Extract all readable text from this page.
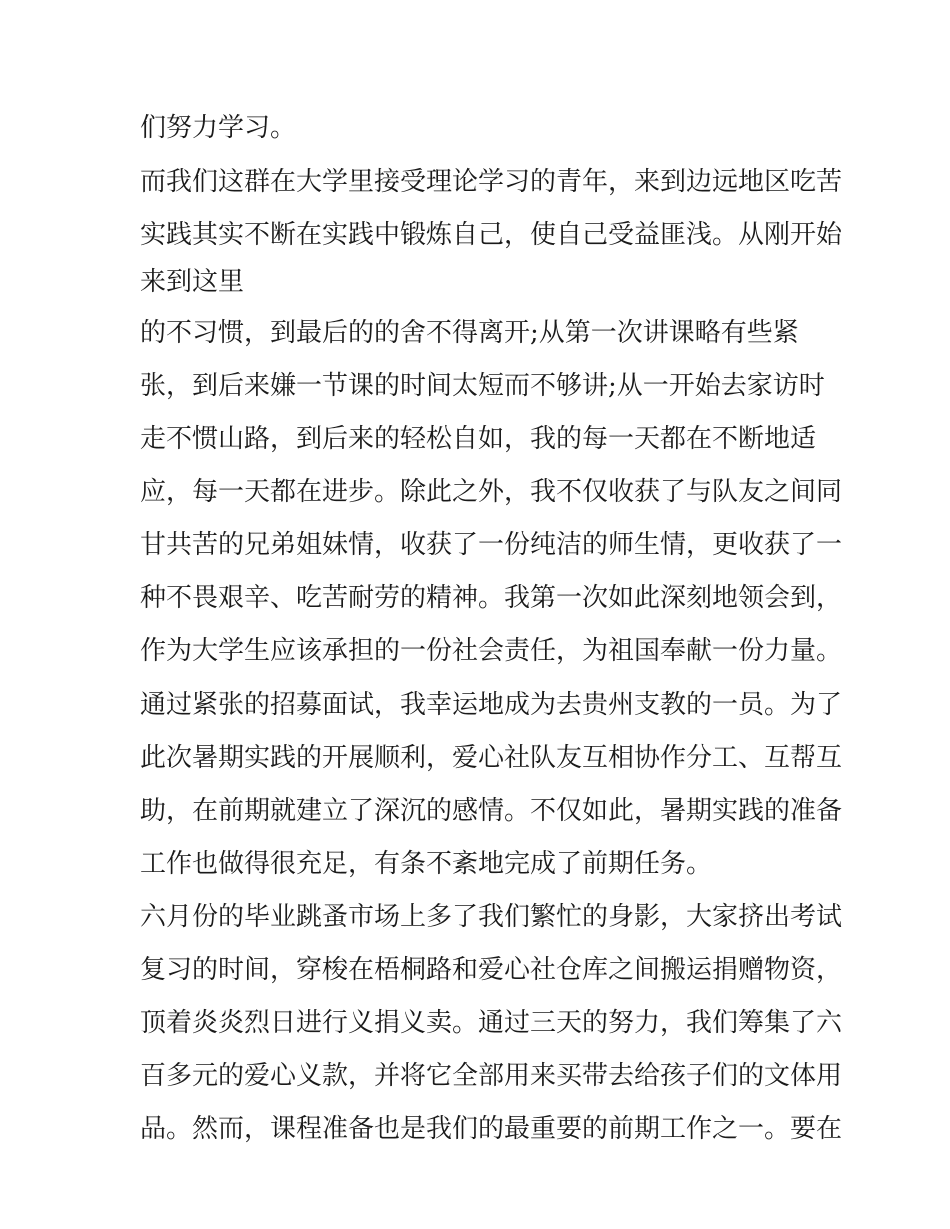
们努力学习。

而我们这群在大学里接受理论学习的青年，来到边远地区吃苦

实践其实不断在实践中锻炼自己，使自己受益匪浅。从刚开始

来到这里

的不习惯，到最后的的舍不得离开;从第一次讲课略有些紧

张，到后来嫌一节课的时间太短而不够讲;从一开始去家访时

走不惯山路，到后来的轻松自如，我的每一天都在不断地适

应，每一天都在进步。除此之外，我不仅收获了与队友之间同

甘共苦的兄弟姐妹情，收获了一份纯洁的师生情，更收获了一

种不畏艰辛、吃苦耐劳的精神。我第一次如此深刻地领会到，

作为大学生应该承担的一份社会责任，为祖国奉献一份力量。

通过紧张的招募面试，我幸运地成为去贵州支教的一员。为了

此次暑期实践的开展顺利，爱心社队友互相协作分工、互帮互

助，在前期就建立了深沉的感情。不仅如此，暑期实践的准备

工作也做得很充足，有条不紊地完成了前期任务。

六月份的毕业跳蚤市场上多了我们繁忙的身影，大家挤出考试

复习的时间，穿梭在梧桐路和爱心社仓库之间搬运捐赠物资，

顶着炎炎烈日进行义捐义卖。通过三天的努力，我们筹集了六

百多元的爱心义款，并将它全部用来买带去给孩子们的文体用

品。然而，课程准备也是我们的最重要的前期工作之一。要在
